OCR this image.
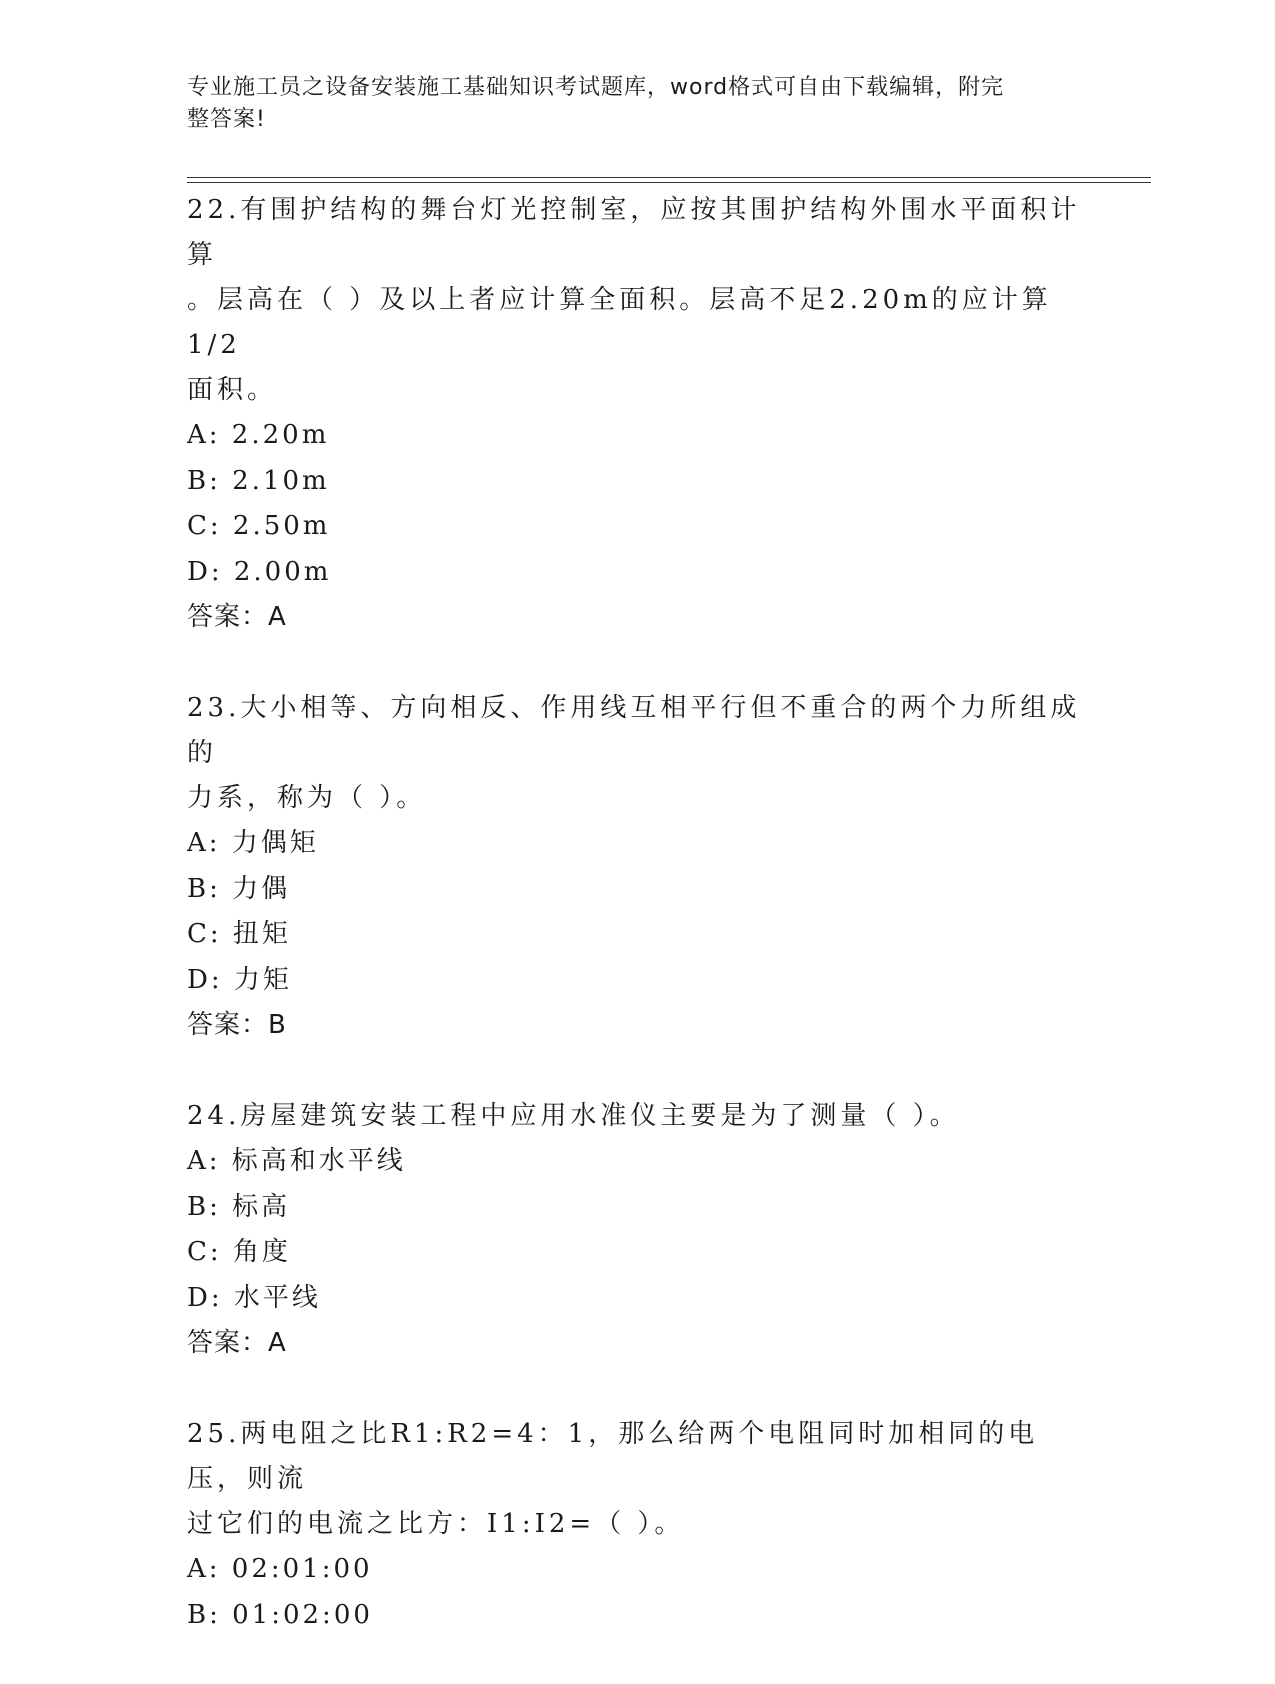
专业施工员之设备安装施工基础知识考试题库，word格式可自由下载编辑，附完
整答案!

22.有围护结构的舞台灯光控制室，应按其围护结构外围水平面积计算

。层高在（ ）及以上者应计算全面积。层高不足2.20m的应计算1/2

面积。

A: 2.20m

B: 2.10m

C: 2.50m

D: 2.00m

答案：A

23.大小相等、方向相反、作用线互相平行但不重合的两个力所组成的

力系，称为（ ）。

A: 力偶矩

B: 力偶

C: 扭矩

D: 力矩

答案：B

24.房屋建筑安装工程中应用水准仪主要是为了测量（ ）。

A: 标高和水平线

B: 标高

C: 角度

D: 水平线

答案：A

25.两电阻之比R1:R2=4：1，那么给两个电阻同时加相同的电压，则流

过它们的电流之比方：I1:I2=（ ）。

A: 02:01:00

B: 01:02:00
